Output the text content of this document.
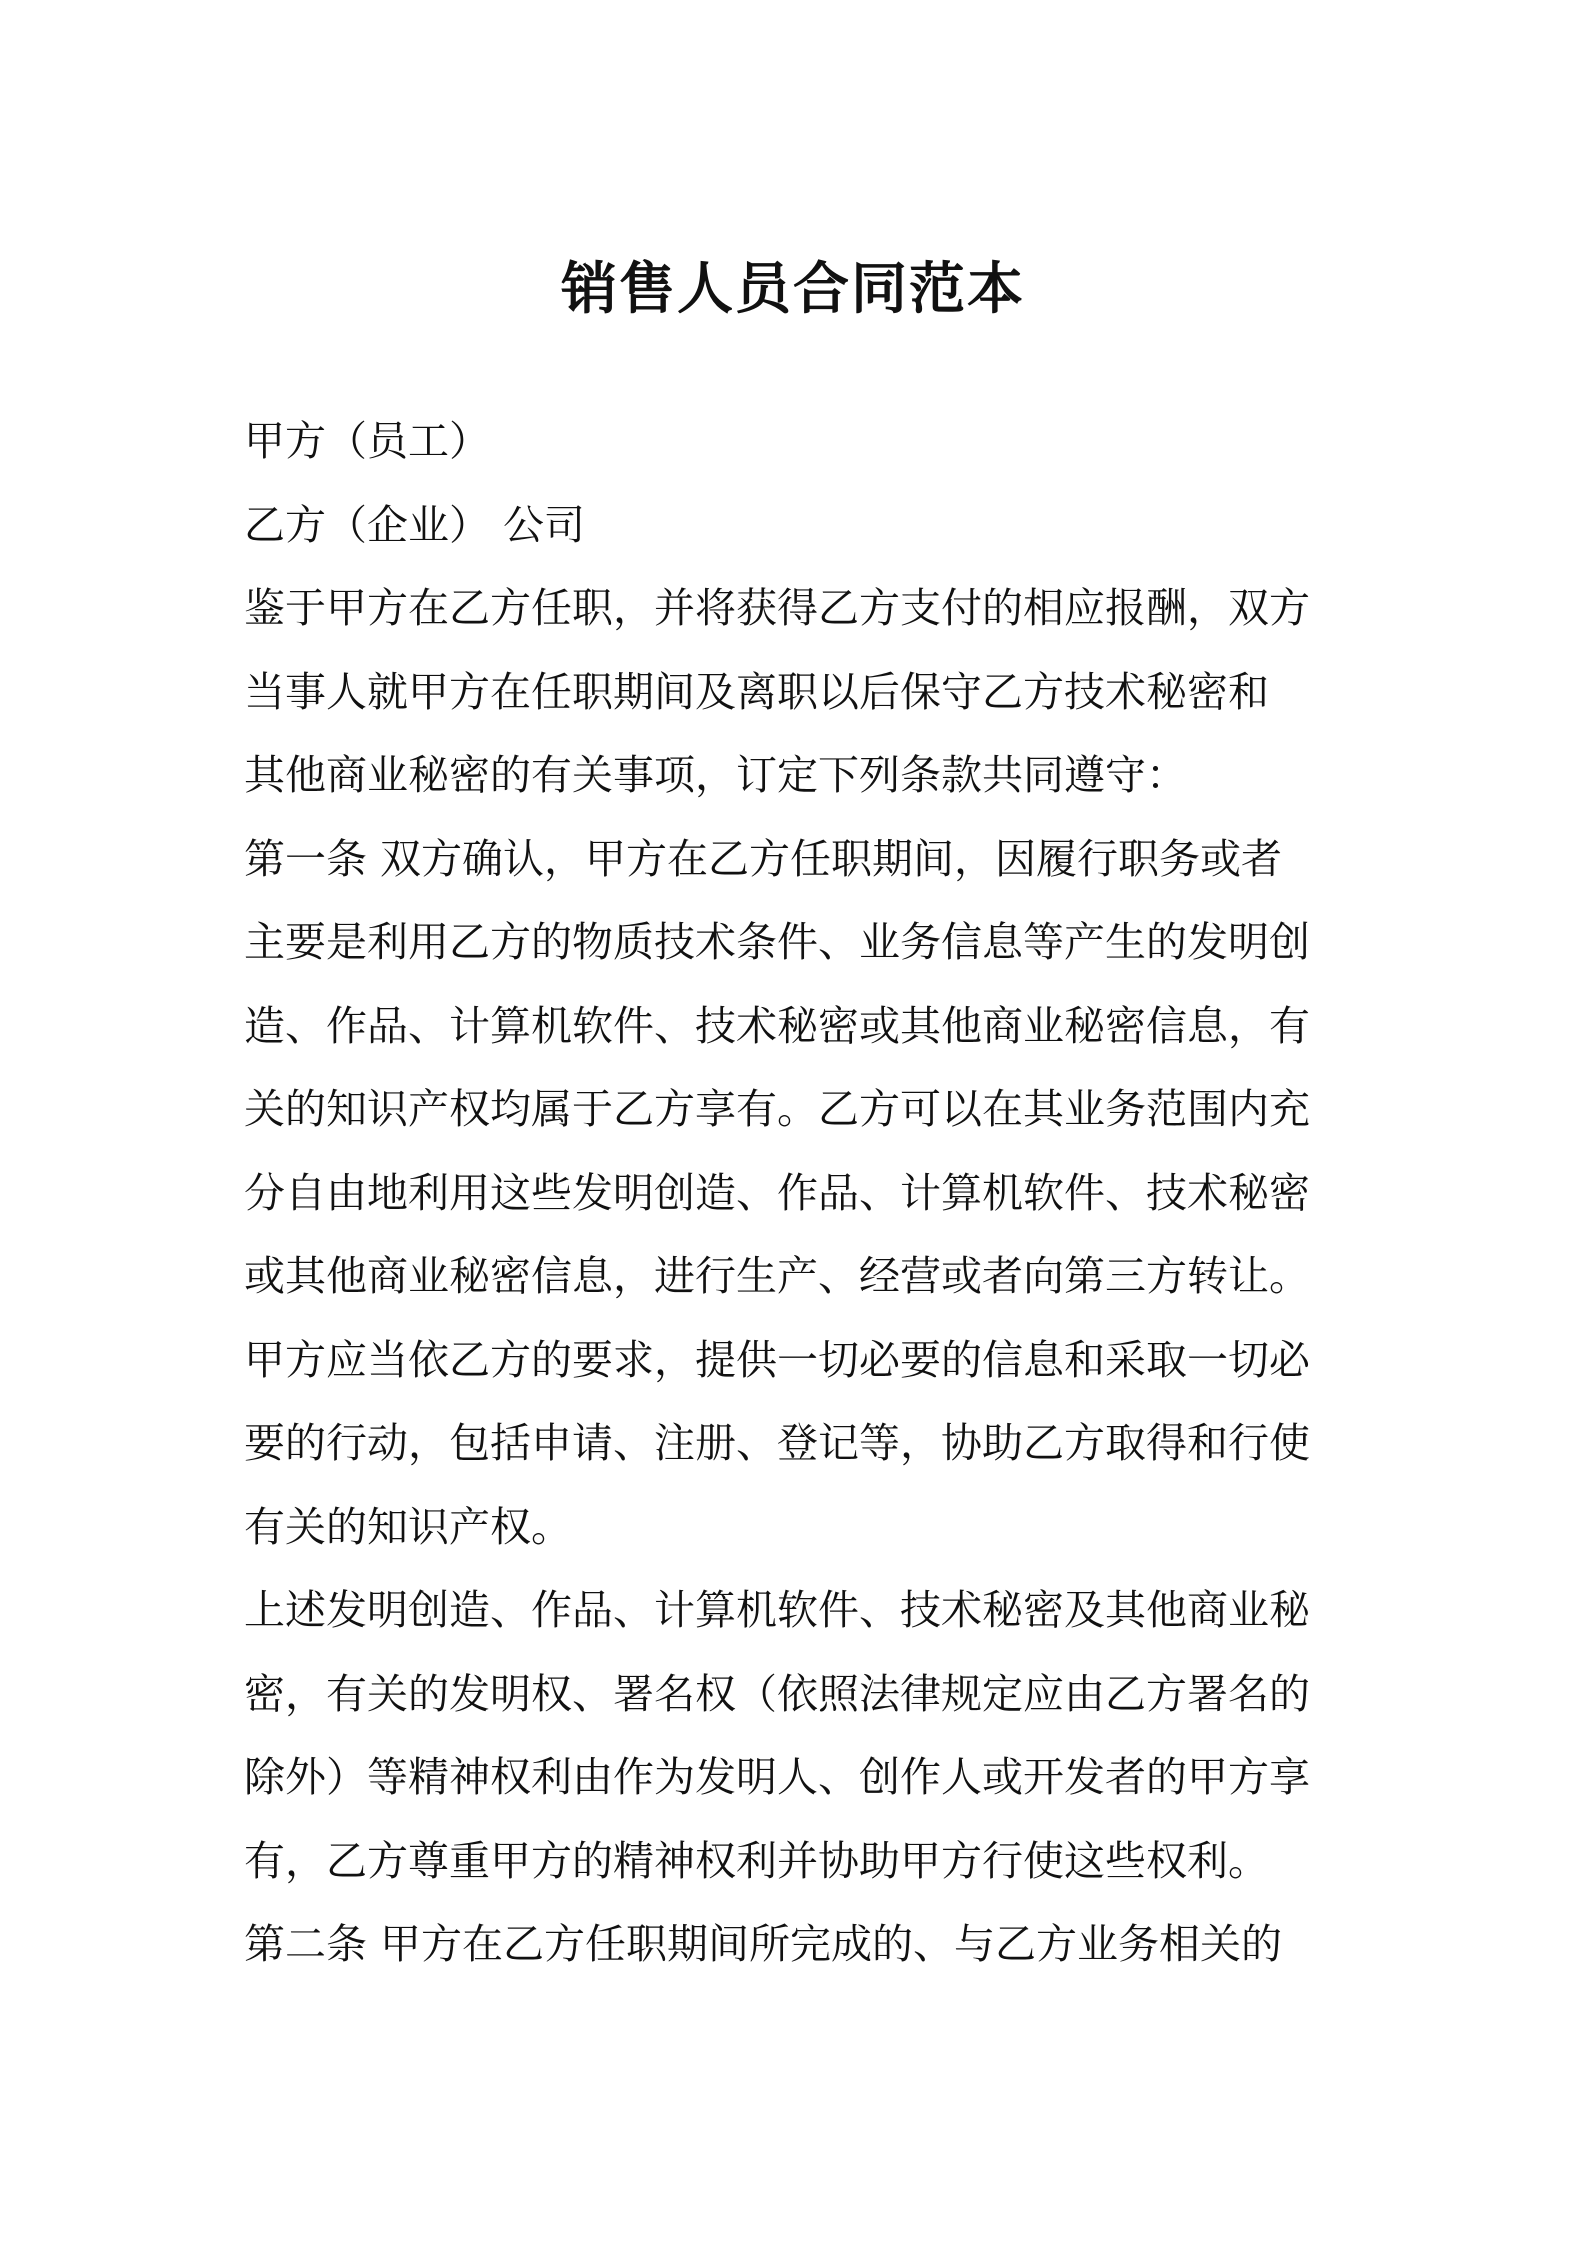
销售人员合同范本
甲方（员工）
乙方（企业） 公司
鉴于甲方在乙方任职，并将获得乙方支付的相应报酬，双方
当事人就甲方在任职期间及离职以后保守乙方技术秘密和
其他商业秘密的有关事项，订定下列条款共同遵守：
第一条 双方确认，甲方在乙方任职期间，因履行职务或者
主要是利用乙方的物质技术条件、业务信息等产生的发明创
造、作品、计算机软件、技术秘密或其他商业秘密信息，有
关的知识产权均属于乙方享有。乙方可以在其业务范围内充
分自由地利用这些发明创造、作品、计算机软件、技术秘密
或其他商业秘密信息，进行生产、经营或者向第三方转让。
甲方应当依乙方的要求，提供一切必要的信息和采取一切必
要的行动，包括申请、注册、登记等，协助乙方取得和行使
有关的知识产权。
上述发明创造、作品、计算机软件、技术秘密及其他商业秘
密，有关的发明权、署名权（依照法律规定应由乙方署名的
除外）等精神权利由作为发明人、创作人或开发者的甲方享
有，乙方尊重甲方的精神权利并协助甲方行使这些权利。
第二条 甲方在乙方任职期间所完成的、与乙方业务相关的
